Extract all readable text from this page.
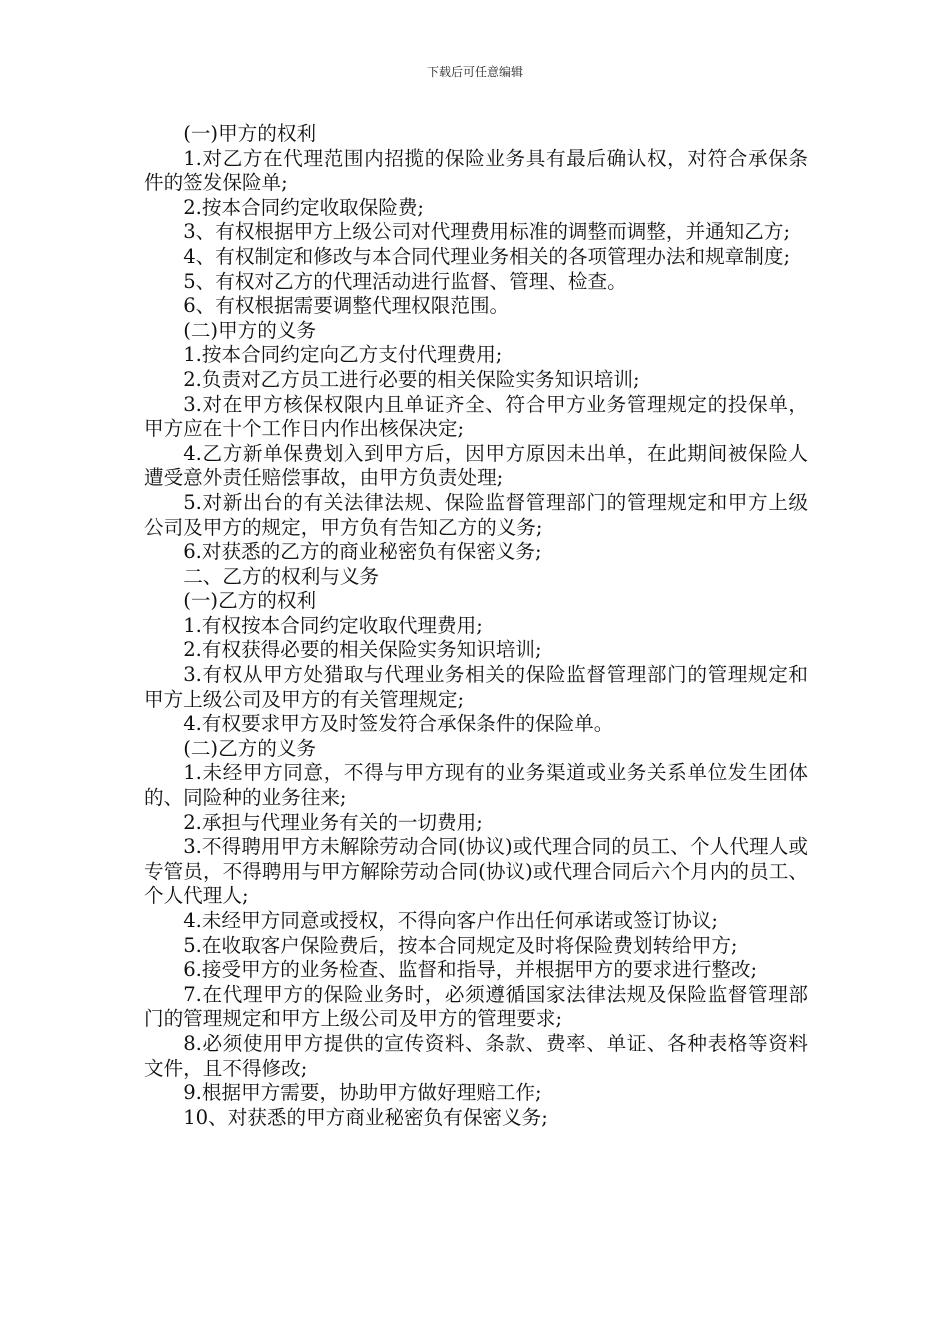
下载后可任意编辑

(一)甲方的权利

1.对乙方在代理范围内招揽的保险业务具有最后确认权，对符合承保条件的签发保险单;

2.按本合同约定收取保险费;

3、有权根据甲方上级公司对代理费用标准的调整而调整，并通知乙方;

4、有权制定和修改与本合同代理业务相关的各项管理办法和规章制度;

5、有权对乙方的代理活动进行监督、管理、检查。

6、有权根据需要调整代理权限范围。

(二)甲方的义务

1.按本合同约定向乙方支付代理费用;

2.负责对乙方员工进行必要的相关保险实务知识培训;

3.对在甲方核保权限内且单证齐全、符合甲方业务管理规定的投保单，甲方应在十个工作日内作出核保决定;

4.乙方新单保费划入到甲方后，因甲方原因未出单，在此期间被保险人遭受意外责任赔偿事故，由甲方负责处理;

5.对新出台的有关法律法规、保险监督管理部门的管理规定和甲方上级公司及甲方的规定，甲方负有告知乙方的义务;

6.对获悉的乙方的商业秘密负有保密义务;

二、乙方的权利与义务

(一)乙方的权利

1.有权按本合同约定收取代理费用;

2.有权获得必要的相关保险实务知识培训;

3.有权从甲方处猎取与代理业务相关的保险监督管理部门的管理规定和甲方上级公司及甲方的有关管理规定;

4.有权要求甲方及时签发符合承保条件的保险单。

(二)乙方的义务

1.未经甲方同意，不得与甲方现有的业务渠道或业务关系单位发生团体的、同险种的业务往来;

2.承担与代理业务有关的一切费用;

3.不得聘用甲方未解除劳动合同(协议)或代理合同的员工、个人代理人或专管员，不得聘用与甲方解除劳动合同(协议)或代理合同后六个月内的员工、个人代理人;

4.未经甲方同意或授权，不得向客户作出任何承诺或签订协议;

5.在收取客户保险费后，按本合同规定及时将保险费划转给甲方;

6.接受甲方的业务检查、监督和指导，并根据甲方的要求进行整改;

7.在代理甲方的保险业务时，必须遵循国家法律法规及保险监督管理部门的管理规定和甲方上级公司及甲方的管理要求;

8.必须使用甲方提供的宣传资料、条款、费率、单证、各种表格等资料文件，且不得修改;

9.根据甲方需要，协助甲方做好理赔工作;

10、对获悉的甲方商业秘密负有保密义务;
